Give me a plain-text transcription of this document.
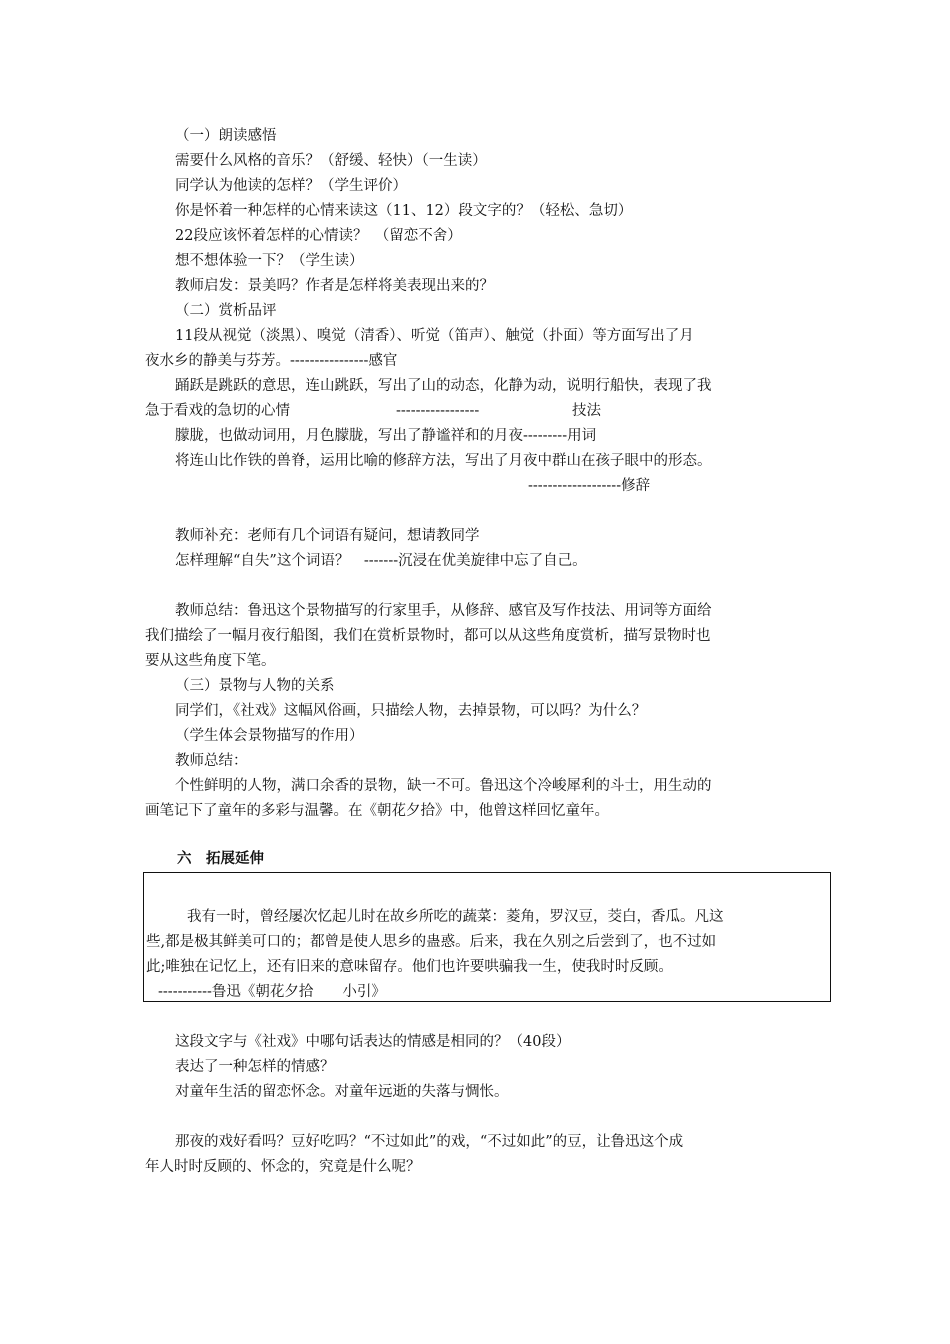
（一）朗读感悟

需要什么风格的音乐？（舒缓、轻快）（一生读）

同学认为他读的怎样？（学生评价）

你是怀着一种怎样的心情来读这（11、12）段文字的？（轻松、急切）

22段应该怀着怎样的心情读？　（留恋不舍）

想不想体验一下？（学生读）

教师启发：景美吗？作者是怎样将美表现出来的？

（二）赏析品评

11段从视觉（淡黑）、嗅觉（清香）、听觉（笛声）、触觉（扑面）等方面写出了月

夜水乡的静美与芬芳。----------------感官

踊跃是跳跃的意思，连山跳跃，写出了山的动态，化静为动，说明行船快，表现了我

急于看戏的急切的心情	-----------------	技法

朦胧，也做动词用，月色朦胧，写出了静谧祥和的月夜---------用词

将连山比作铁的兽脊，运用比喻的修辞方法，写出了月夜中群山在孩子眼中的形态。

-------------------修辞

教师补充：老师有几个词语有疑问，想请教同学

怎样理解“自失”这个词语？　-------沉浸在优美旋律中忘了自己。

教师总结：鲁迅这个景物描写的行家里手，从修辞、感官及写作技法、用词等方面给

我们描绘了一幅月夜行船图，我们在赏析景物时，都可以从这些角度赏析，描写景物时也

要从这些角度下笔。

（三）景物与人物的关系

同学们，《社戏》这幅风俗画，只描绘人物，去掉景物，可以吗？为什么？

（学生体会景物描写的作用）

教师总结：

个性鲜明的人物，满口余香的景物，缺一不可。鲁迅这个冷峻犀利的斗士，用生动的

画笔记下了童年的多彩与温馨。在《朝花夕拾》中，他曾这样回忆童年。

六　拓展延伸

我有一时，曾经屡次忆起儿时在故乡所吃的蔬菜：菱角，罗汉豆，茭白，香瓜。凡这

些,都是极其鲜美可口的；都曾是使人思乡的蛊惑。后来，我在久别之后尝到了，也不过如

此;唯独在记忆上，还有旧来的意味留存。他们也许要哄骗我一生，使我时时反顾。

-----------鲁迅《朝花夕拾　　小引》

这段文字与《社戏》中哪句话表达的情感是相同的？（40段）

表达了一种怎样的情感？

对童年生活的留恋怀念。对童年远逝的失落与惆怅。

那夜的戏好看吗？豆好吃吗？“不过如此”的戏，“不过如此”的豆，让鲁迅这个成

年人时时反顾的、怀念的，究竟是什么呢？
